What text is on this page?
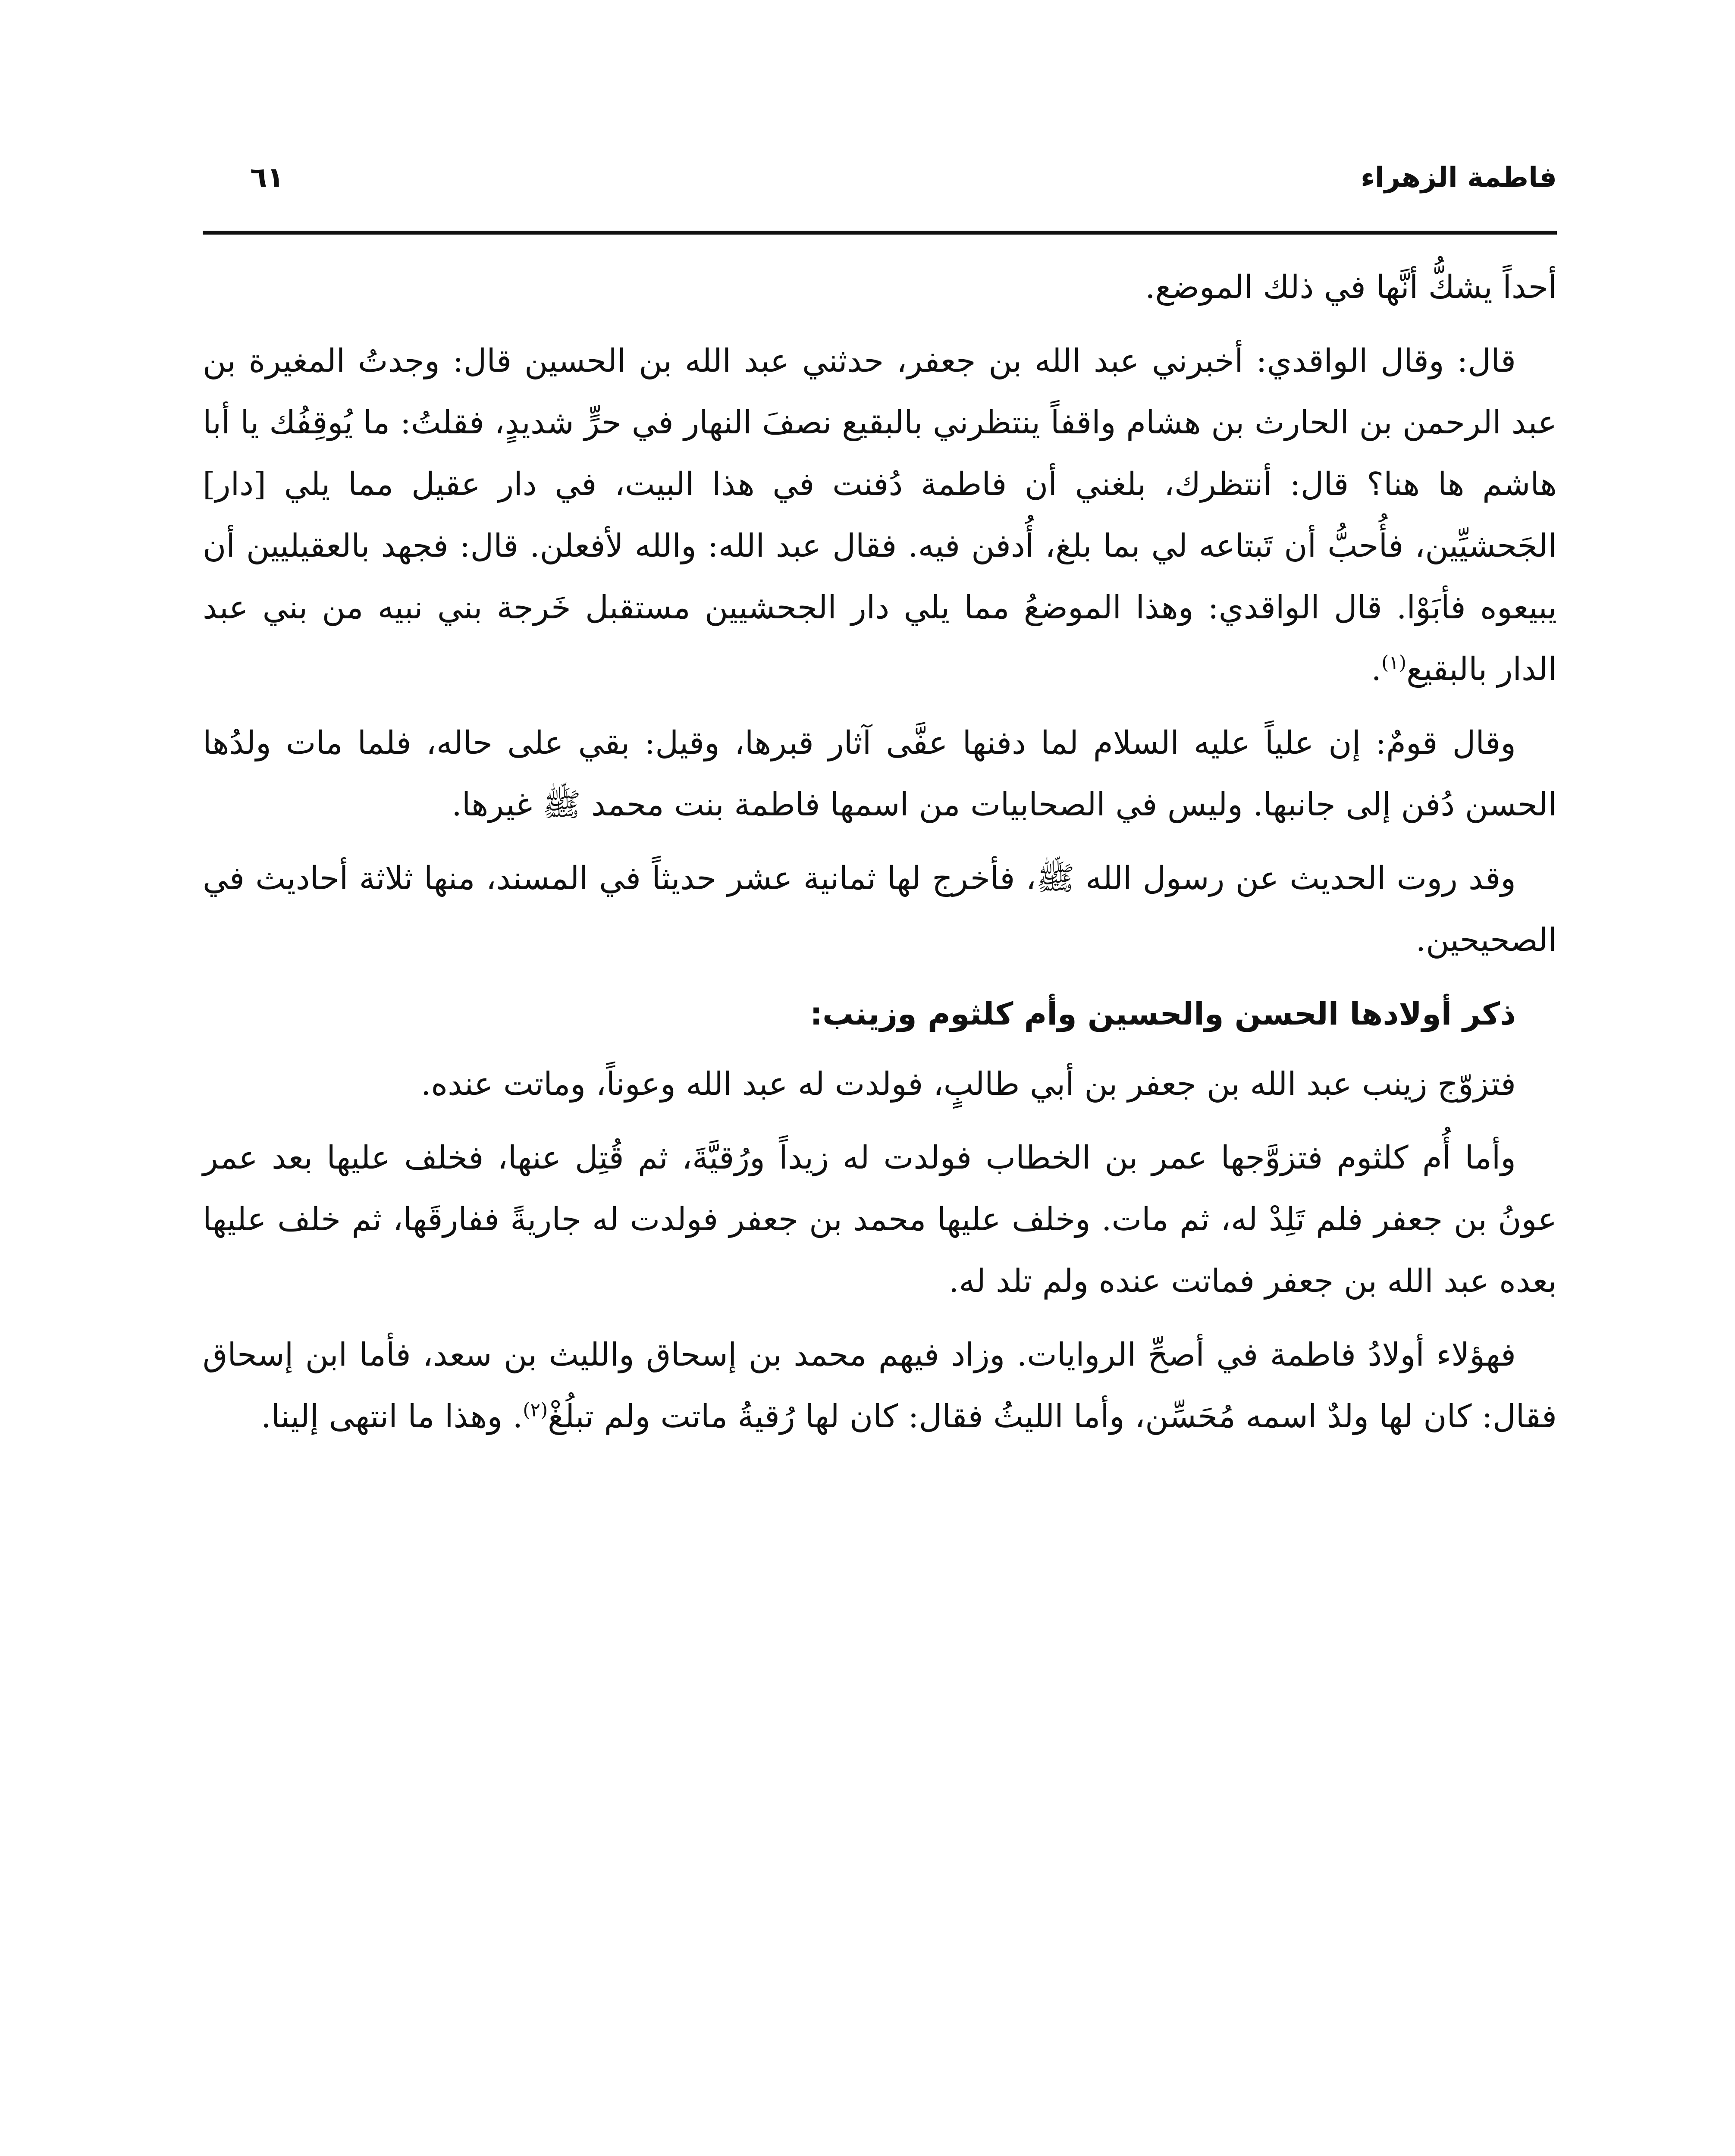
فاطمة الزهراء
٦١

أحداً يشكُّ أنَّها في ذلك الموضع.

قال: وقال الواقدي: أخبرني عبد الله بن جعفر، حدثني عبد الله بن الحسين قال: وجدتُ المغيرة بن عبد الرحمن بن الحارث بن هشام واقفاً ينتظرني بالبقيع نصفَ النهار في حرٍّ شديدٍ، فقلتُ: ما يُوقِفُك يا أبا هاشم ها هنا؟ قال: أنتظرك، بلغني أن فاطمة دُفنت في هذا البيت، في دار عقيل مما يلي [دار] الجَحشيِّين، فأُحبُّ أن تَبتاعه لي بما بلغ، أُدفن فيه. فقال عبد الله: والله لأفعلن. قال: فجهد بالعقيليين أن يبيعوه فأبَوْا. قال الواقدي: وهذا الموضعُ مما يلي دار الجحشيين مستقبل خَرجة بني نبيه من بني عبد الدار بالبقيع$^{(١)}$.

وقال قومٌ: إن علياً عليه السلام لما دفنها عفَّى آثار قبرها، وقيل: بقي على حاله، فلما مات ولدُها الحسن دُفن إلى جانبها. وليس في الصحابيات من اسمها فاطمة بنت محمد ﷺ غيرها.

وقد روت الحديث عن رسول الله ﷺ، فأخرج لها ثمانية عشر حديثاً في المسند، منها ثلاثة أحاديث في الصحيحين.

ذكر أولادها الحسن والحسين وأم كلثوم وزينب:

فتزوّج زينب عبد الله بن جعفر بن أبي طالبٍ، فولدت له عبد الله وعوناً، وماتت عنده.

وأما أُم كلثوم فتزوَّجها عمر بن الخطاب فولدت له زيداً ورُقيَّةَ، ثم قُتِل عنها، فخلف عليها بعد عمر عونُ بن جعفر فلم تَلِدْ له، ثم مات. وخلف عليها محمد بن جعفر فولدت له جاريةً ففارقَها، ثم خلف عليها بعده عبد الله بن جعفر فماتت عنده ولم تلد له.

فهؤلاء أولادُ فاطمة في أصحِّ الروايات. وزاد فيهم محمد بن إسحاق والليث بن سعد، فأما ابن إسحاق فقال: كان لها ولدٌ اسمه مُحَسِّن، وأما الليثُ فقال: كان لها رُقيةُ ماتت ولم تبلُغْ$^{(٢)}$. وهذا ما انتهى إلينا.
